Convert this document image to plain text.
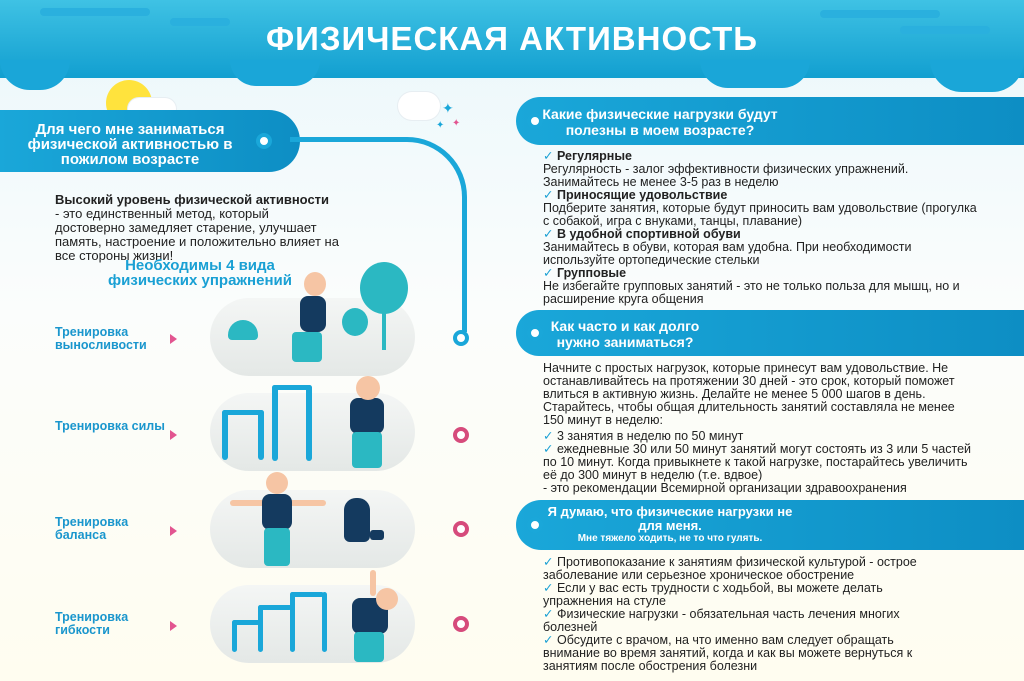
ФИЗИЧЕСКАЯ АКТИВНОСТЬ
✦
✦ ✦
Для чего мне заниматься физической активностью в пожилом возрасте
Высокий уровень физической активности
- это единственный метод, который достоверно замедляет старение, улучшает память, настроение и положительно влияет на все стороны жизни!
Необходимы 4 вида физических упражнений
Тренировка выносливости
Тренировка силы
Тренировка баланса
Тренировка гибкости
Какие физические нагрузки будут полезны в моем возрасте?
✓ Регулярные
Регулярность - залог эффективности физических упражнений. Занимайтесь не менее 3-5 раз в неделю
✓ Приносящие удовольствие
Подберите занятия, которые будут приносить вам удовольствие (прогулка с собакой, игра с внуками, танцы, плавание)
✓ В удобной спортивной обуви
Занимайтесь в обуви, которая вам удобна. При необходимости используйте ортопедические стельки
✓ Групповые
Не избегайте групповых занятий - это не только польза для мышц, но и расширение круга общения
Как часто и как долго нужно заниматься?
Начните с простых нагрузок, которые принесут вам удовольствие. Не останавливайтесь на протяжении 30 дней - это срок, который поможет влиться в активную жизнь. Делайте не менее 5 000 шагов в день. Старайтесь, чтобы общая длительность занятий составляла не менее 150 минут в неделю:
✓ 3 занятия в неделю по 50 минут
✓ ежедневные 30 или 50 минут занятий могут состоять из 3 или 5 частей по 10 минут. Когда привыкнете к такой нагрузке, постарайтесь увеличить её до 300 минут в неделю (т.е. вдвое)
- это рекомендации Всемирной организации здравоохранения
Я думаю, что физические нагрузки не для меня.
Мне тяжело ходить, не то что гулять.
✓ Противопоказание к занятиям физической культурой - острое заболевание или серьезное хроническое обострение
✓ Если у вас есть трудности с ходьбой, вы можете делать упражнения на стуле
✓ Физические нагрузки - обязательная часть лечения многих болезней
✓ Обсудите с врачом, на что именно вам следует обращать внимание во время занятий, когда и как вы можете вернуться к занятиям после обострения болезни
